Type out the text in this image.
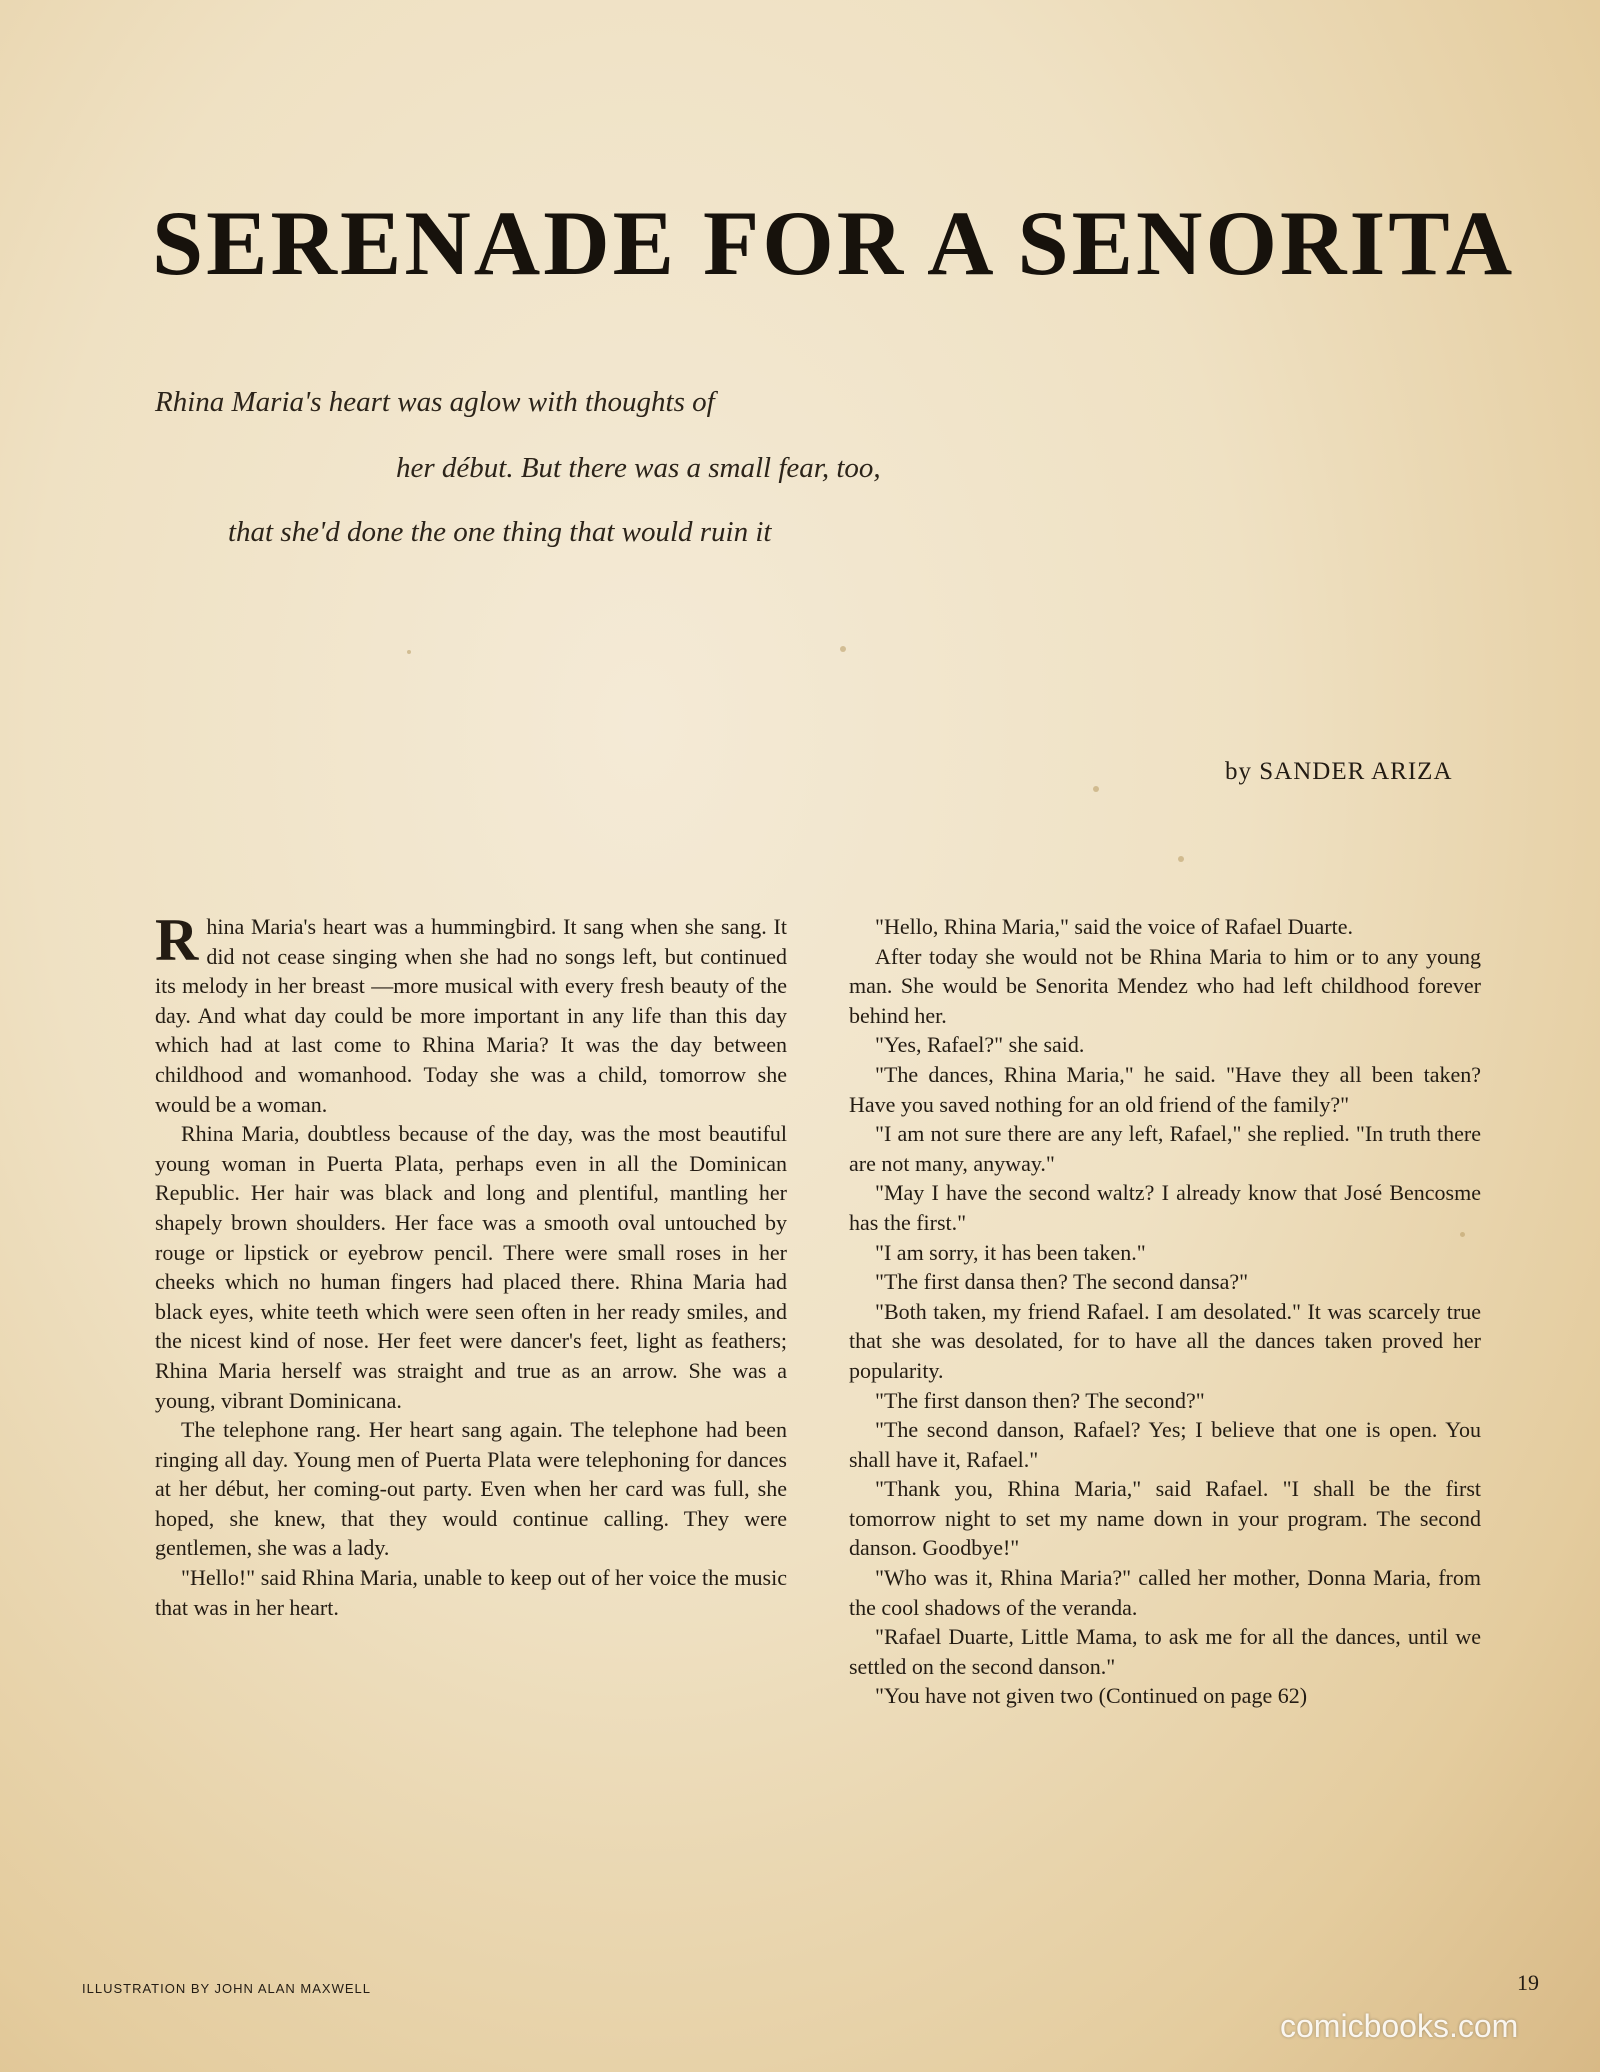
SERENADE FOR A SENORITA
Rhina Maria's heart was aglow with thoughts of
her début. But there was a small fear, too,
that she'd done the one thing that would ruin it
by SANDER ARIZA

Rhina Maria's heart was a hummingbird. It sang when she sang. It did not cease singing when she had no songs left, but continued its melody in her breast —more musical with every fresh beauty of the day. And what day could be more important in any life than this day which had at last come to Rhina Maria? It was the day between childhood and womanhood. Today she was a child, tomorrow she would be a woman.

Rhina Maria, doubtless because of the day, was the most beautiful young woman in Puerta Plata, perhaps even in all the Dominican Republic. Her hair was black and long and plentiful, mantling her shapely brown shoulders. Her face was a smooth oval untouched by rouge or lipstick or eyebrow pencil. There were small roses in her cheeks which no human fingers had placed there. Rhina Maria had black eyes, white teeth which were seen often in her ready smiles, and the nicest kind of nose. Her feet were dancer's feet, light as feathers; Rhina Maria herself was straight and true as an arrow. She was a young, vibrant Dominicana.

The telephone rang. Her heart sang again. The telephone had been ringing all day. Young men of Puerta Plata were telephoning for dances at her début, her coming-out party. Even when her card was full, she hoped, she knew, that they would continue calling. They were gentlemen, she was a lady.

"Hello!" said Rhina Maria, unable to keep out of her voice the music that was in her heart.

"Hello, Rhina Maria," said the voice of Rafael Duarte.

After today she would not be Rhina Maria to him or to any young man. She would be Senorita Mendez who had left childhood forever behind her.

"Yes, Rafael?" she said.

"The dances, Rhina Maria," he said. "Have they all been taken? Have you saved nothing for an old friend of the family?"

"I am not sure there are any left, Rafael," she replied. "In truth there are not many, anyway."

"May I have the second waltz? I already know that José Bencosme has the first."

"I am sorry, it has been taken."

"The first dansa then? The second dansa?"

"Both taken, my friend Rafael. I am desolated." It was scarcely true that she was desolated, for to have all the dances taken proved her popularity.

"The first danson then? The second?"

"The second danson, Rafael? Yes; I believe that one is open. You shall have it, Rafael."

"Thank you, Rhina Maria," said Rafael. "I shall be the first tomorrow night to set my name down in your program. The second danson. Goodbye!"

"Who was it, Rhina Maria?" called her mother, Donna Maria, from the cool shadows of the veranda.

"Rafael Duarte, Little Mama, to ask me for all the dances, until we settled on the second danson."

"You have not given two (Continued on page 62)

ILLUSTRATION BY JOHN ALAN MAXWELL	19
comicbooks.com
